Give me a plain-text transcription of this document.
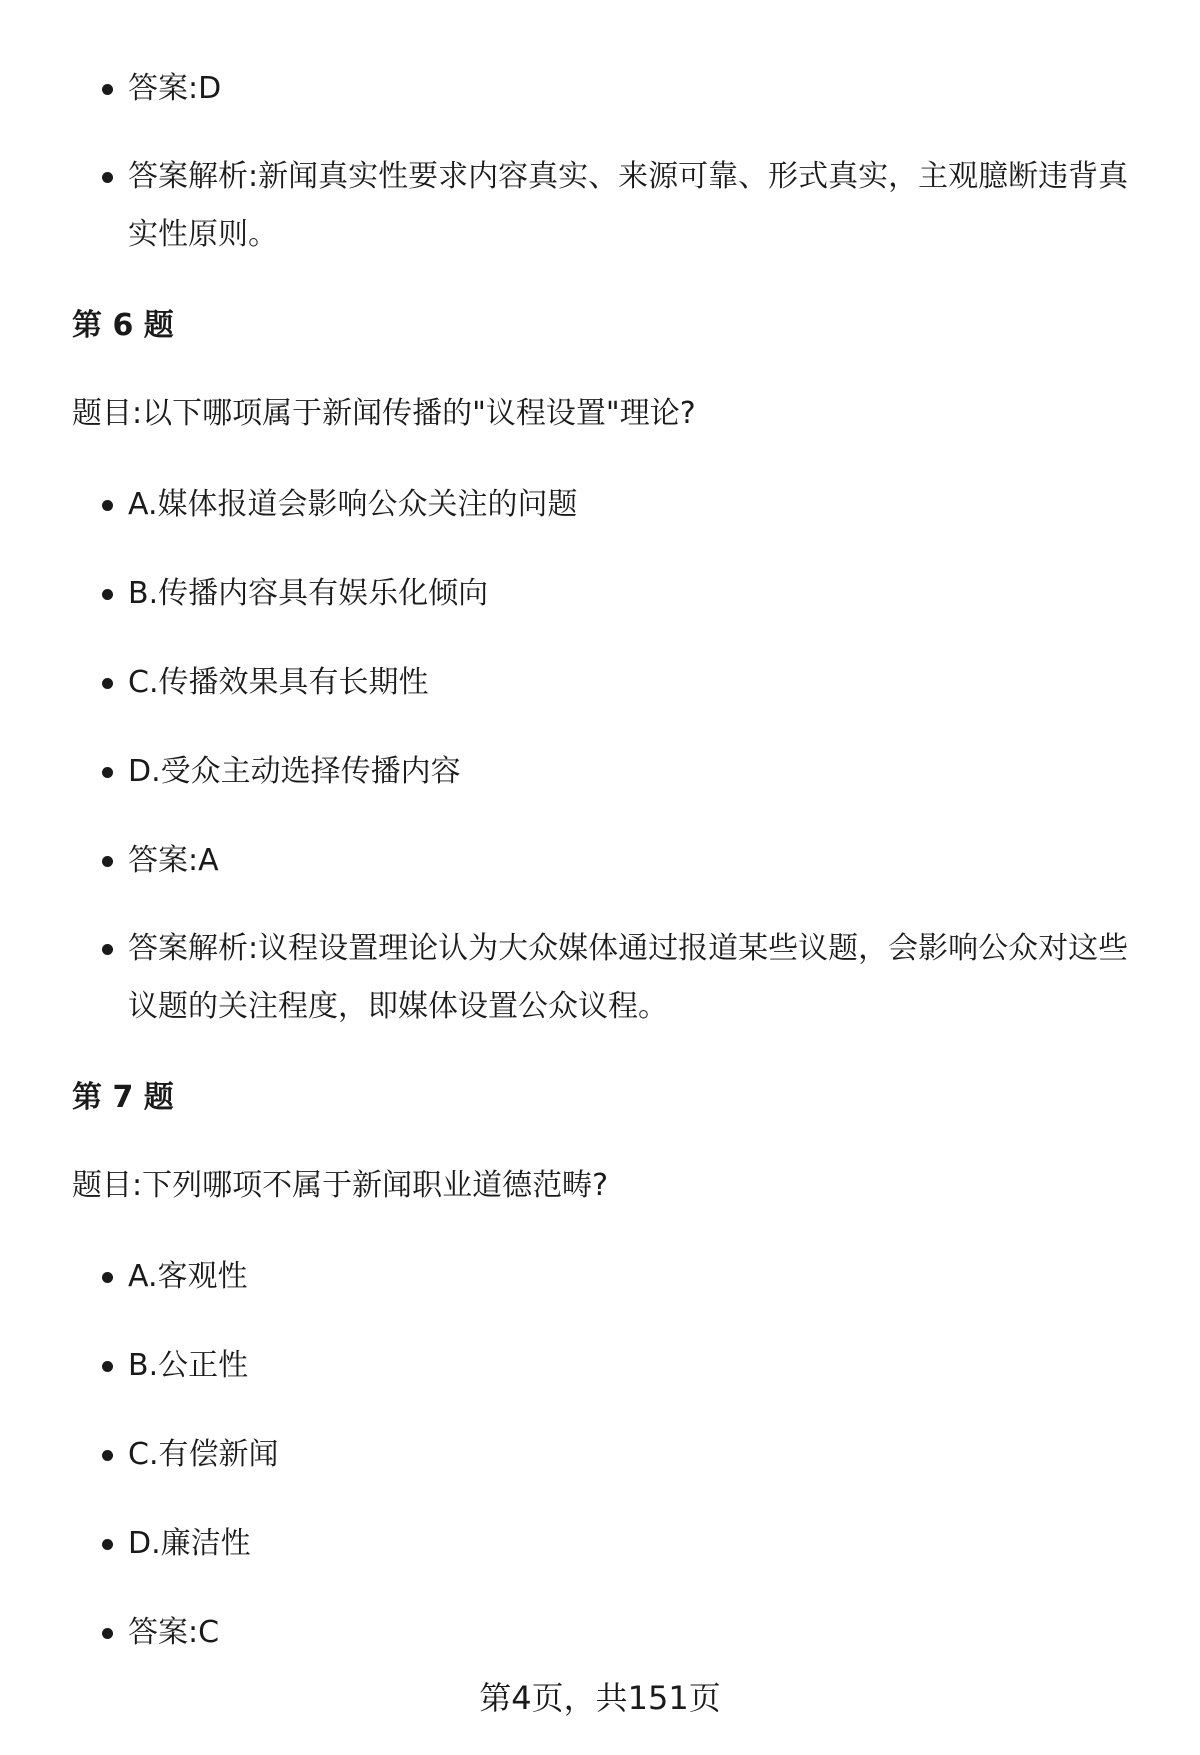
答案:D
答案解析:新闻真实性要求内容真实、来源可靠、形式真实，主观臆断违背真实性原则。
第 6 题
题目:以下哪项属于新闻传播的"议程设置"理论?
A.媒体报道会影响公众关注的问题
B.传播内容具有娱乐化倾向
C.传播效果具有长期性
D.受众主动选择传播内容
答案:A
答案解析:议程设置理论认为大众媒体通过报道某些议题，会影响公众对这些议题的关注程度，即媒体设置公众议程。
第 7 题
题目:下列哪项不属于新闻职业道德范畴?
A.客观性
B.公正性
C.有偿新闻
D.廉洁性
答案:C
第4页，共151页
